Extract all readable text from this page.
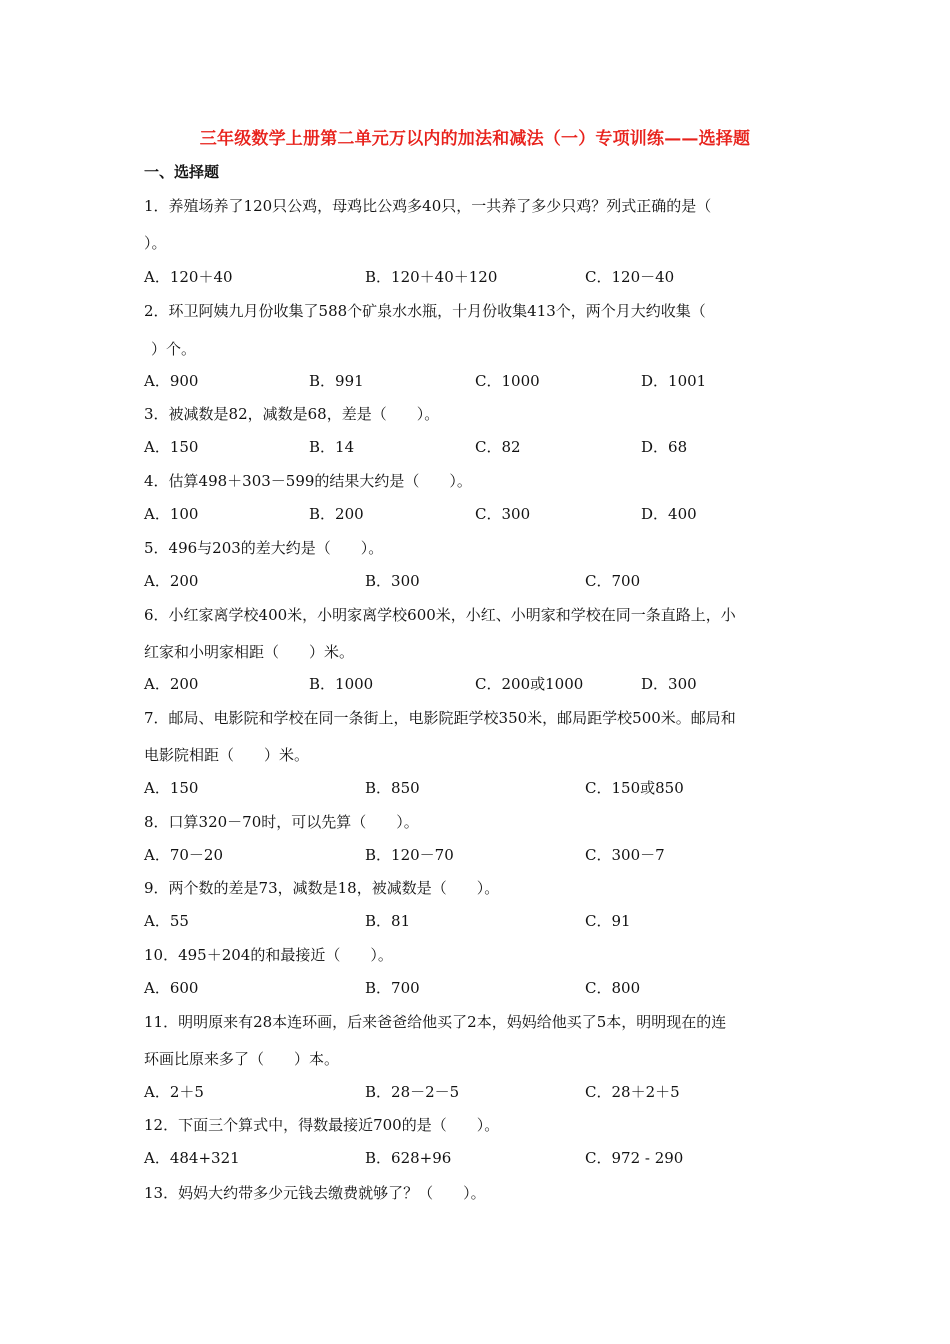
三年级数学上册第二单元万以内的加法和减法（一）专项训练——选择题
一、选择题
1．养殖场养了120只公鸡，母鸡比公鸡多40只，一共养了多少只鸡？列式正确的是（
）。
A．120＋40	B．120＋40＋120	C．120－40
2．环卫阿姨九月份收集了588个矿泉水水瓶，十月份收集413个，两个月大约收集（
）个。
A．900	B．991	C．1000	D．1001
3．被减数是82，减数是68，差是（　　）。
A．150	B．14	C．82	D．68
4．估算498＋303－599的结果大约是（　　）。
A．100	B．200	C．300	D．400
5．496与203的差大约是（　　）。
A．200	B．300	C．700
6．小红家离学校400米，小明家离学校600米，小红、小明家和学校在同一条直路上，小
红家和小明家相距（　　）米。
A．200	B．1000	C．200或1000	D．300
7．邮局、电影院和学校在同一条街上，电影院距学校350米，邮局距学校500米。邮局和
电影院相距（　　）米。
A．150	B．850	C．150或850
8．口算320－70时，可以先算（　　）。
A．70－20	B．120－70	C．300－7
9．两个数的差是73，减数是18，被减数是（　　）。
A．55	B．81	C．91
10．495＋204的和最接近（　　）。
A．600	B．700	C．800
11．明明原来有28本连环画，后来爸爸给他买了2本，妈妈给他买了5本，明明现在的连
环画比原来多了（　　）本。
A．2＋5	B．28－2－5	C．28＋2＋5
12．下面三个算式中，得数最接近700的是（　　）。
A．484+321	B．628+96	C．972 - 290
13．妈妈大约带多少元钱去缴费就够了？（　　）。
